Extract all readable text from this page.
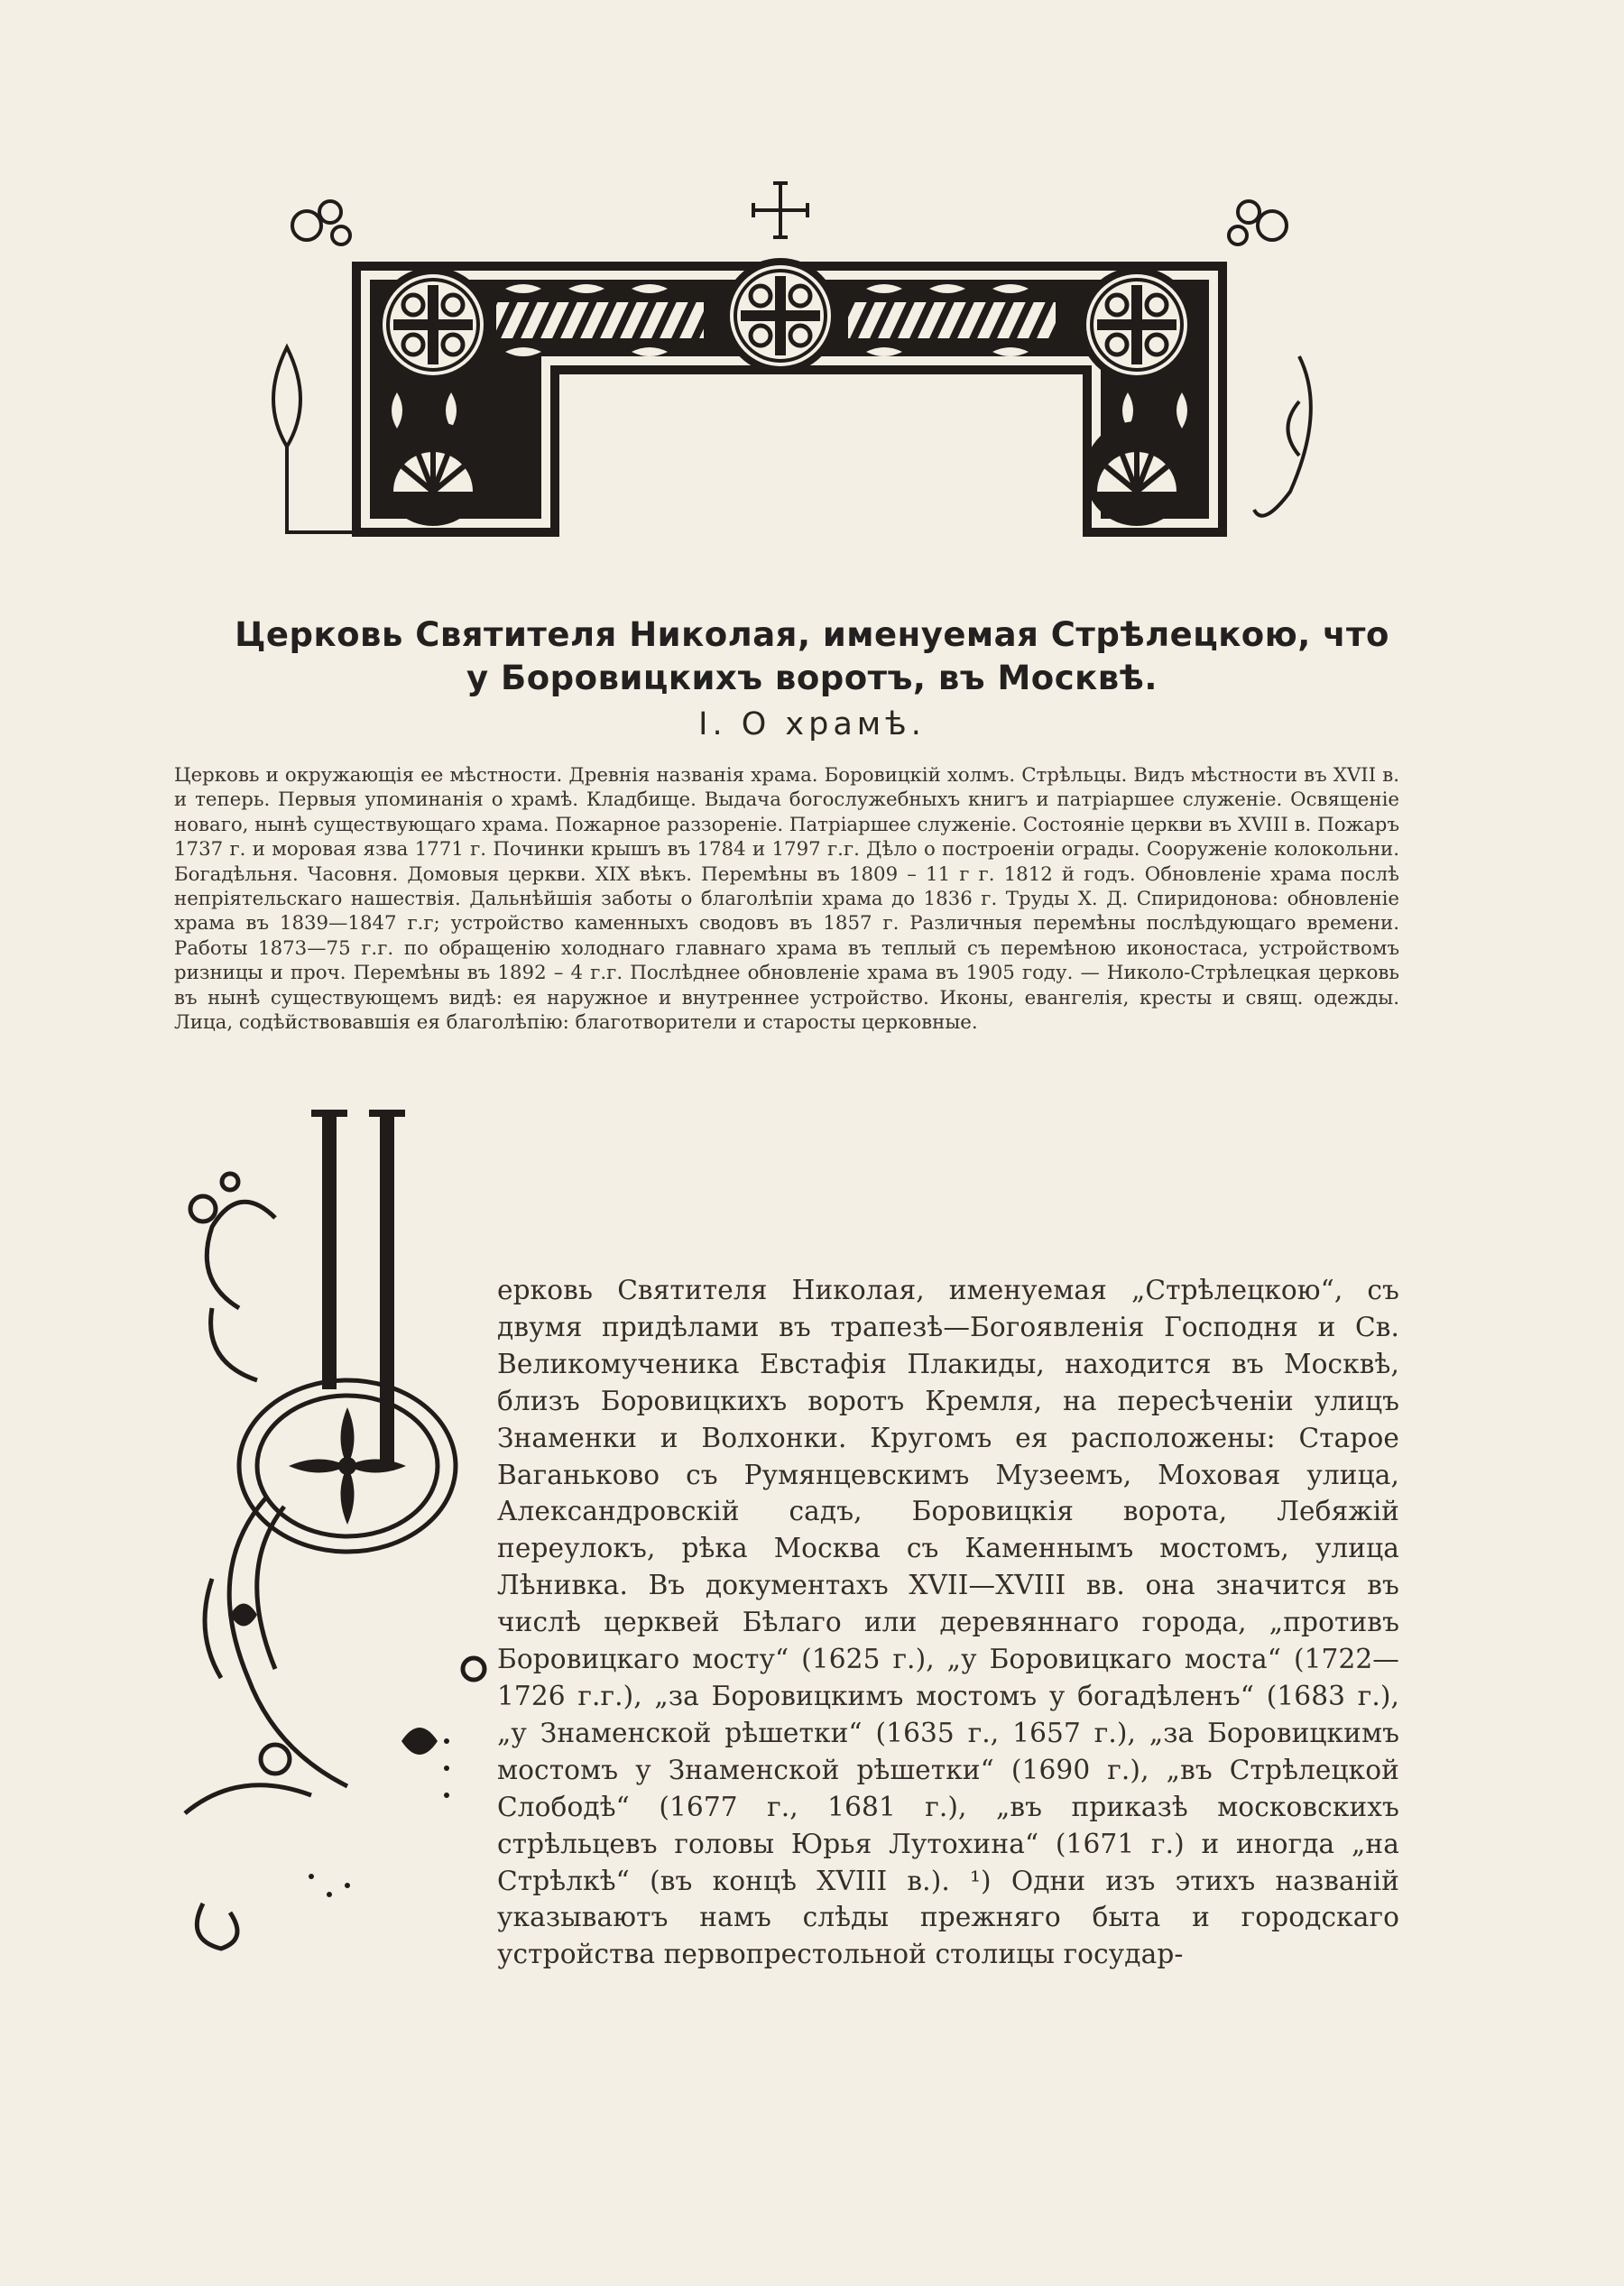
Церковь Святителя Николая, именуемая Стрѣлецкою, что
у Боровицкихъ воротъ, въ Москвѣ.
I. О храмѣ.

Церковь и окружающія ее мѣстности. Древнія названія храма. Боровицкій холмъ. Стрѣльцы. Видъ мѣстности въ XVII в. и теперь. Первыя упоминанія о храмѣ. Кладбище. Выдача богослужебныхъ книгъ и патріаршее служеніе. Освященіе новаго, нынѣ существующаго храма. Пожарное раззореніе. Патріаршее служеніе. Состояніе церкви въ XVIII в. Пожаръ 1737 г. и моровая язва 1771 г. Починки крышъ въ 1784 и 1797 г.г. Дѣло о построеніи ограды. Сооруженіе колокольни. Богадѣльня. Часовня. Домовыя церкви. XIX вѣкъ. Перемѣны въ 1809 – 11 г г. 1812 й годъ. Обновленіе храма послѣ непріятельскаго нашествія. Дальнѣйшія заботы о благолѣпіи храма до 1836 г. Труды Х. Д. Спиридонова: обновленіе храма въ 1839—1847 г.г; устройство каменныхъ сводовъ въ 1857 г. Различныя перемѣны послѣдующаго времени. Работы 1873—75 г.г. по обращенію холоднаго главнаго храма въ теплый съ перемѣною иконостаса, устройствомъ ризницы и проч. Перемѣны въ 1892 – 4 г.г. Послѣднее обновленіе храма въ 1905 году. — Николо-Стрѣлецкая церковь въ нынѣ существующемъ видѣ: ея наружное и внутреннее устройство. Иконы, евангелія, кресты и свящ. одежды. Лица, содѣйствовавшія ея благолѣпію: благотворители и старосты церковные.

ерковь Святителя Николая, именуемая „Стрѣлецкою“, съ двумя придѣлами въ трапезѣ—Богоявленія Господня и Св. Великомученика Евстафія Плакиды, находится въ Москвѣ, близъ Боровицкихъ воротъ Кремля, на пересѣченіи улицъ Знаменки и Волхонки. Кругомъ ея расположены: Старое Ваганьково съ Румянцевскимъ Музеемъ, Моховая улица, Александровскій садъ, Боровицкія ворота, Лебяжій переулокъ, рѣка Москва съ Каменнымъ мостомъ, улица Лѣнивка. Въ документахъ XVII—XVIII вв. она значится въ числѣ церквей Бѣлаго или деревяннаго города, „противъ Боровицкаго мосту“ (1625 г.), „у Боровицкаго моста“ (1722—1726 г.г.), „за Боровицкимъ мостомъ у богадѣленъ“ (1683 г.), „у Знаменской рѣшетки“ (1635 г., 1657 г.), „за Боровицкимъ мостомъ у Знаменской рѣшетки“ (1690 г.), „въ Стрѣлецкой Слободѣ“ (1677 г., 1681 г.), „въ приказѣ московскихъ стрѣльцевъ головы Юрья Лутохина“ (1671 г.) и иногда „на Стрѣлкѣ“ (въ концѣ XVIII в.). ¹) Одни изъ этихъ названій указываютъ намъ слѣды прежняго быта и городскаго устройства первопрестольной столицы государ-
